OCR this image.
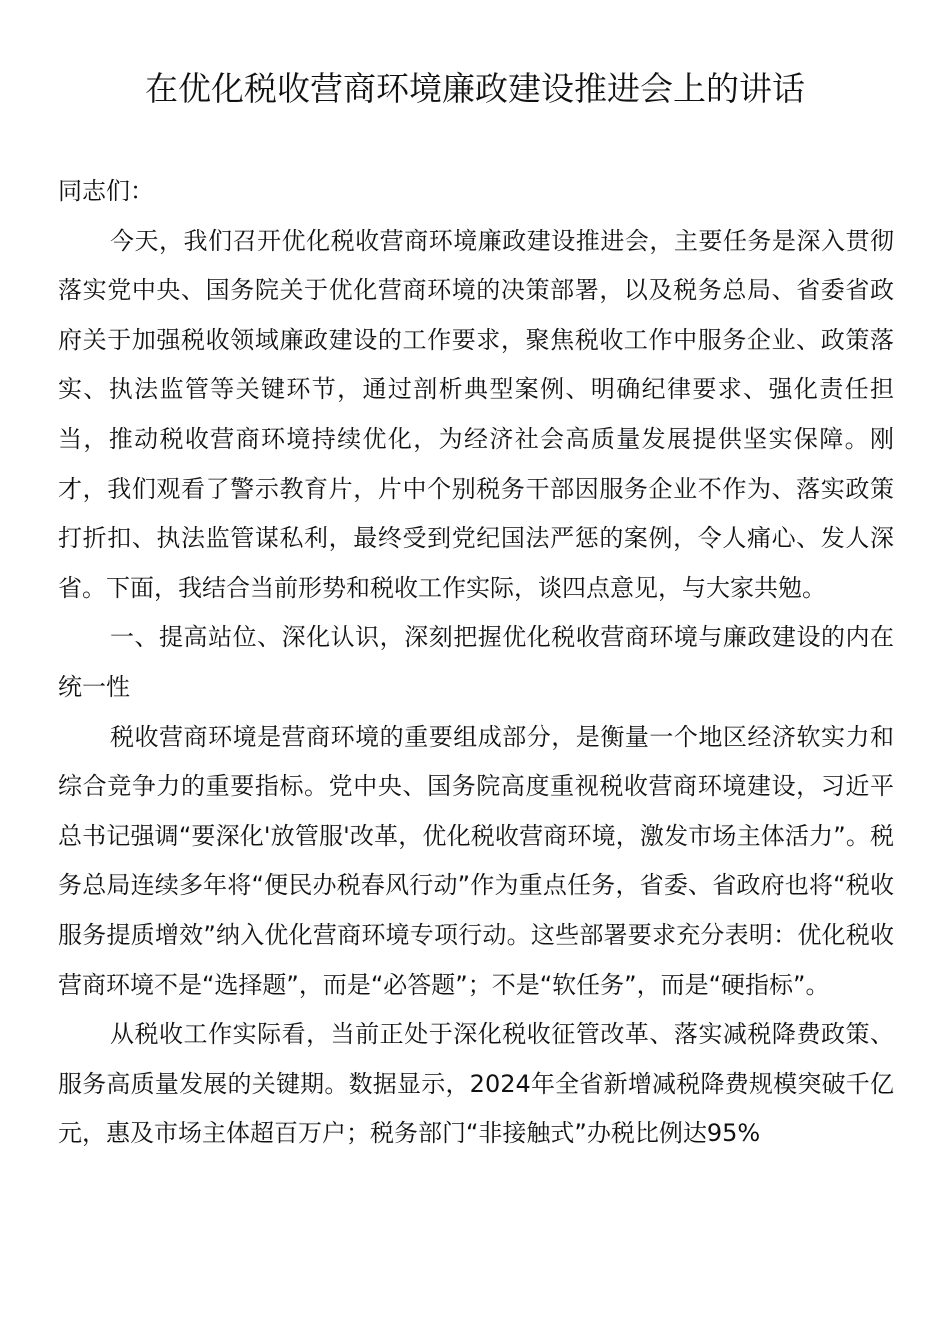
在优化税收营商环境廉政建设推进会上的讲话

同志们：

今天，我们召开优化税收营商环境廉政建设推进会，主要任务是深入贯彻落实党中央、国务院关于优化营商环境的决策部署，以及税务总局、省委省政府关于加强税收领域廉政建设的工作要求，聚焦税收工作中服务企业、政策落实、执法监管等关键环节，通过剖析典型案例、明确纪律要求、强化责任担当，推动税收营商环境持续优化，为经济社会高质量发展提供坚实保障。刚才，我们观看了警示教育片，片中个别税务干部因服务企业不作为、落实政策打折扣、执法监管谋私利，最终受到党纪国法严惩的案例，令人痛心、发人深省。下面，我结合当前形势和税收工作实际，谈四点意见，与大家共勉。

一、提高站位、深化认识，深刻把握优化税收营商环境与廉政建设的内在统一性

税收营商环境是营商环境的重要组成部分，是衡量一个地区经济软实力和综合竞争力的重要指标。党中央、国务院高度重视税收营商环境建设，习近平总书记强调“要深化'放管服'改革，优化税收营商环境，激发市场主体活力”。税务总局连续多年将“便民办税春风行动”作为重点任务，省委、省政府也将“税收服务提质增效”纳入优化营商环境专项行动。这些部署要求充分表明：优化税收营商环境不是“选择题”，而是“必答题”；不是“软任务”，而是“硬指标”。

从税收工作实际看，当前正处于深化税收征管改革、落实减税降费政策、服务高质量发展的关键期。数据显示，2024年全省新增减税降费规模突破千亿元，惠及市场主体超百万户；税务部门“非接触式”办税比例达95%
